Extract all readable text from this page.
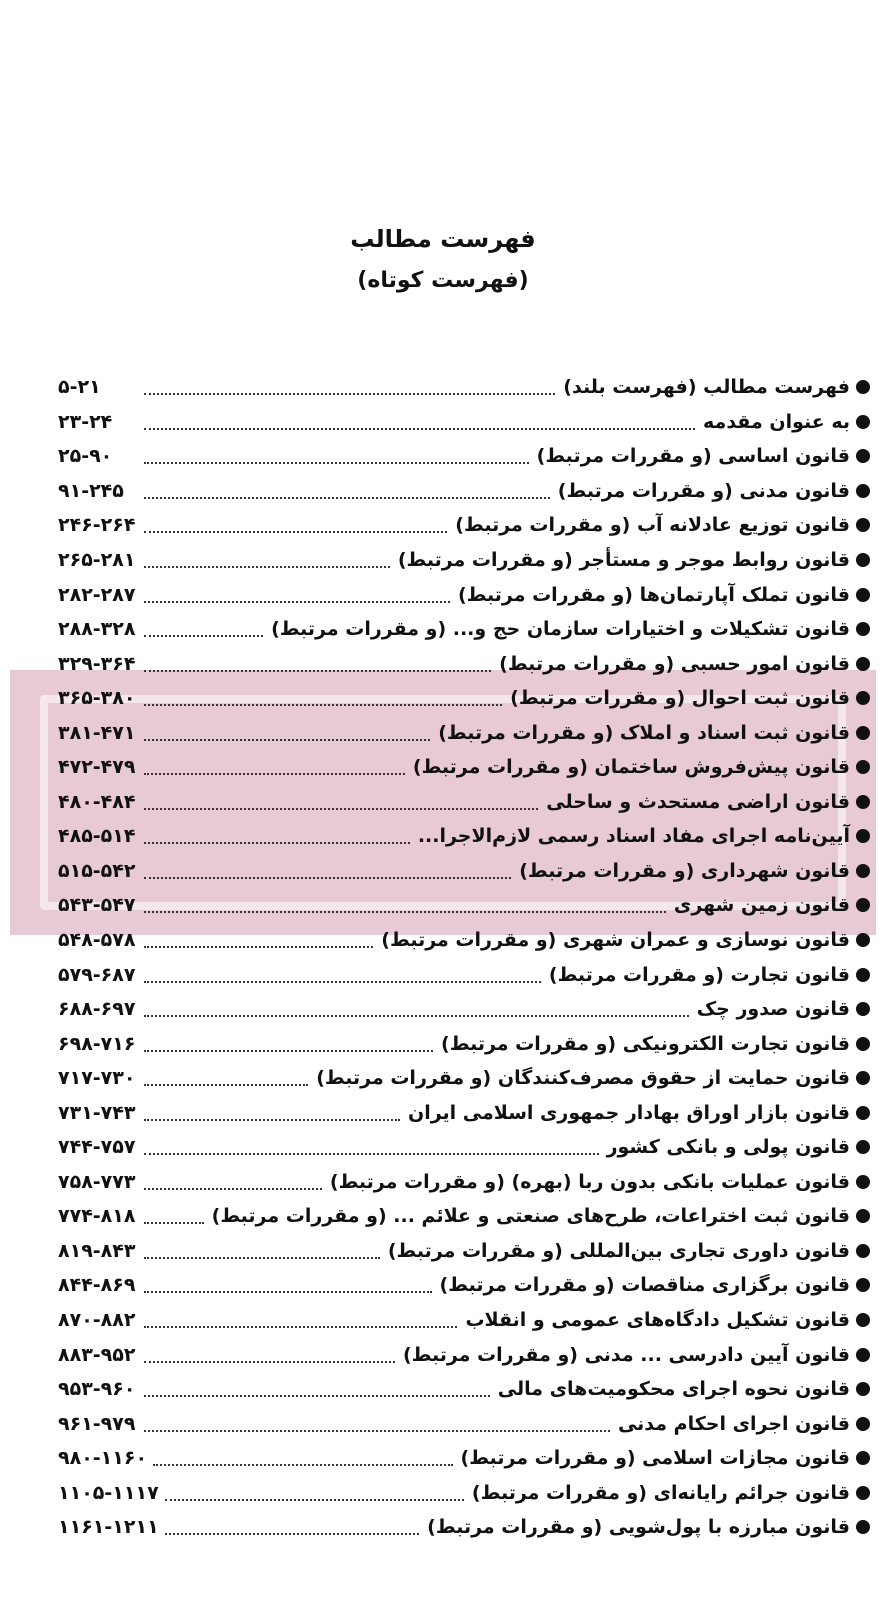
فهرست مطالب
(فهرست کوتاه)
فهرست مطالب (فهرست بلند)
۵-۲۱
به عنوان مقدمه
۲۳-۲۴
قانون اساسی (و مقررات مرتبط)
۲۵-۹۰
قانون مدنی (و مقررات مرتبط)
۹۱-۲۴۵
قانون توزیع عادلانه آب (و مقررات مرتبط)
۲۴۶-۲۶۴
قانون روابط موجر و مستأجر (و مقررات مرتبط)
۲۶۵-۲۸۱
قانون تملک آپارتمان‌ها (و مقررات مرتبط)
۲۸۲-۲۸۷
قانون تشکیلات و اختیارات سازمان حج و... (و مقررات مرتبط)
۲۸۸-۳۲۸
قانون امور حسبی (و مقررات مرتبط)
۳۲۹-۳۶۴
قانون ثبت احوال (و مقررات مرتبط)
۳۶۵-۳۸۰
قانون ثبت اسناد و املاک (و مقررات مرتبط)
۳۸۱-۴۷۱
قانون پیش‌فروش ساختمان (و مقررات مرتبط)
۴۷۲-۴۷۹
قانون اراضی مستحدث و ساحلی
۴۸۰-۴۸۴
آیین‌نامه اجرای مفاد اسناد رسمی لازم‌الاجرا...
۴۸۵-۵۱۴
قانون شهرداری (و مقررات مرتبط)
۵۱۵-۵۴۲
قانون زمین شهری
۵۴۳-۵۴۷
قانون نوسازی و عمران شهری (و مقررات مرتبط)
۵۴۸-۵۷۸
قانون تجارت (و مقررات مرتبط)
۵۷۹-۶۸۷
قانون صدور چک
۶۸۸-۶۹۷
قانون تجارت الکترونیکی (و مقررات مرتبط)
۶۹۸-۷۱۶
قانون حمایت از حقوق مصرف‌کنندگان (و مقررات مرتبط)
۷۱۷-۷۳۰
قانون بازار اوراق بهادار جمهوری اسلامی ایران
۷۳۱-۷۴۳
قانون پولی و بانکی کشور
۷۴۴-۷۵۷
قانون عملیات بانکی بدون ربا (بهره) (و مقررات مرتبط)
۷۵۸-۷۷۳
قانون ثبت اختراعات، طرح‌های صنعتی و علائم ... (و مقررات مرتبط)
۷۷۴-۸۱۸
قانون داوری تجاری بین‌المللی (و مقررات مرتبط)
۸۱۹-۸۴۳
قانون برگزاری مناقصات (و مقررات مرتبط)
۸۴۴-۸۶۹
قانون تشکیل دادگاه‌های عمومی و انقلاب
۸۷۰-۸۸۲
قانون آیین دادرسی ... مدنی (و مقررات مرتبط)
۸۸۳-۹۵۲
قانون نحوه اجرای محکومیت‌های مالی
۹۵۳-۹۶۰
قانون اجرای احکام مدنی
۹۶۱-۹۷۹
قانون مجازات اسلامی (و مقررات مرتبط)
۹۸۰-۱۱۶۰
قانون جرائم رایانه‌ای (و مقررات مرتبط)
۱۱۰۵-۱۱۱۷
قانون مبارزه با پول‌شویی (و مقررات مرتبط)
۱۱۶۱-۱۲۱۱
